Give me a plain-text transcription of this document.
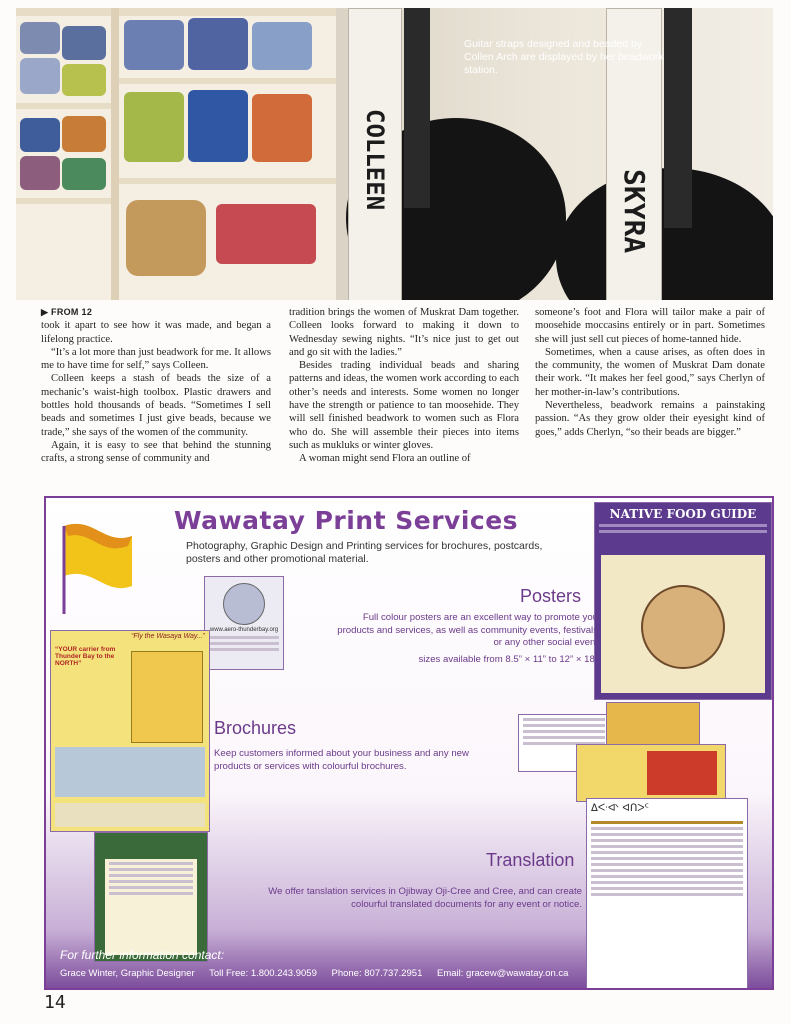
COLLEEN
SKYRA
Guitar straps designed and beaded by Collen Arch are displayed by her beadwork station.
▶ FROM 12

took it apart to see how it was made, and began a lifelong practice.

“It’s a lot more than just beadwork for me. It allows me to have time for self,” says Colleen.

Colleen keeps a stash of beads the size of a mechanic’s waist-high toolbox. Plastic drawers and bottles hold thousands of beads. “Sometimes I sell beads and sometimes I just give beads, because we trade,” she says of the women of the community.

Again, it is easy to see that behind the stunning crafts, a strong sense of community and

tradition brings the women of Muskrat Dam together. Colleen looks forward to making it down to Wednesday sewing nights. “It’s nice just to get out and go sit with the ladies.”

Besides trading individual beads and sharing patterns and ideas, the women work according to each other’s needs and interests. Some women no longer have the strength or patience to tan moosehide. They will sell finished beadwork to women such as Flora who do. She will assemble their pieces into items such as mukluks or winter gloves.

A woman might send Flora an outline of

someone’s foot and Flora will tailor make a pair of moosehide moccasins entirely or in part. Sometimes she will just sell cut pieces of home-tanned hide.

Sometimes, when a cause arises, as often does in the community, the women of Muskrat Dam donate their work. “It makes her feel good,” says Cherlyn of her mother-in-law’s contributions.

Nevertheless, beadwork remains a painstaking passion. “As they grow older their eyesight kind of goes,” adds Cherlyn, “so their beads are bigger.”

Wawatay Print Services
Photography, Graphic Design and Printing services for brochures, postcards, posters and other promotional material.
www.aero-thunderbay.org
“Fly the Wasaya Way...”
“YOUR carrier from Thunder Bay to the NORTH”
NATIVE FOOD GUIDE
Posters
Full colour posters are an excellent way to promote you products and services, as well as community events, festivals or any other social event
sizes available from 8.5” × 11” to 12” × 18”
Brochures
Keep customers informed about your business and any new products or services with colourful brochures.
ᐃᑅᐮ ᐊᑎᐳᑦ
Translation
We offer tanslation services in Ojibway Oji-Cree and Cree, and can create colourful translated documents for any event or notice.
For further information contact:
Grace Winter, Graphic Designer Toll Free: 1.800.243.9059 Phone: 807.737.2951 Email: gracew@wawatay.on.ca
14
